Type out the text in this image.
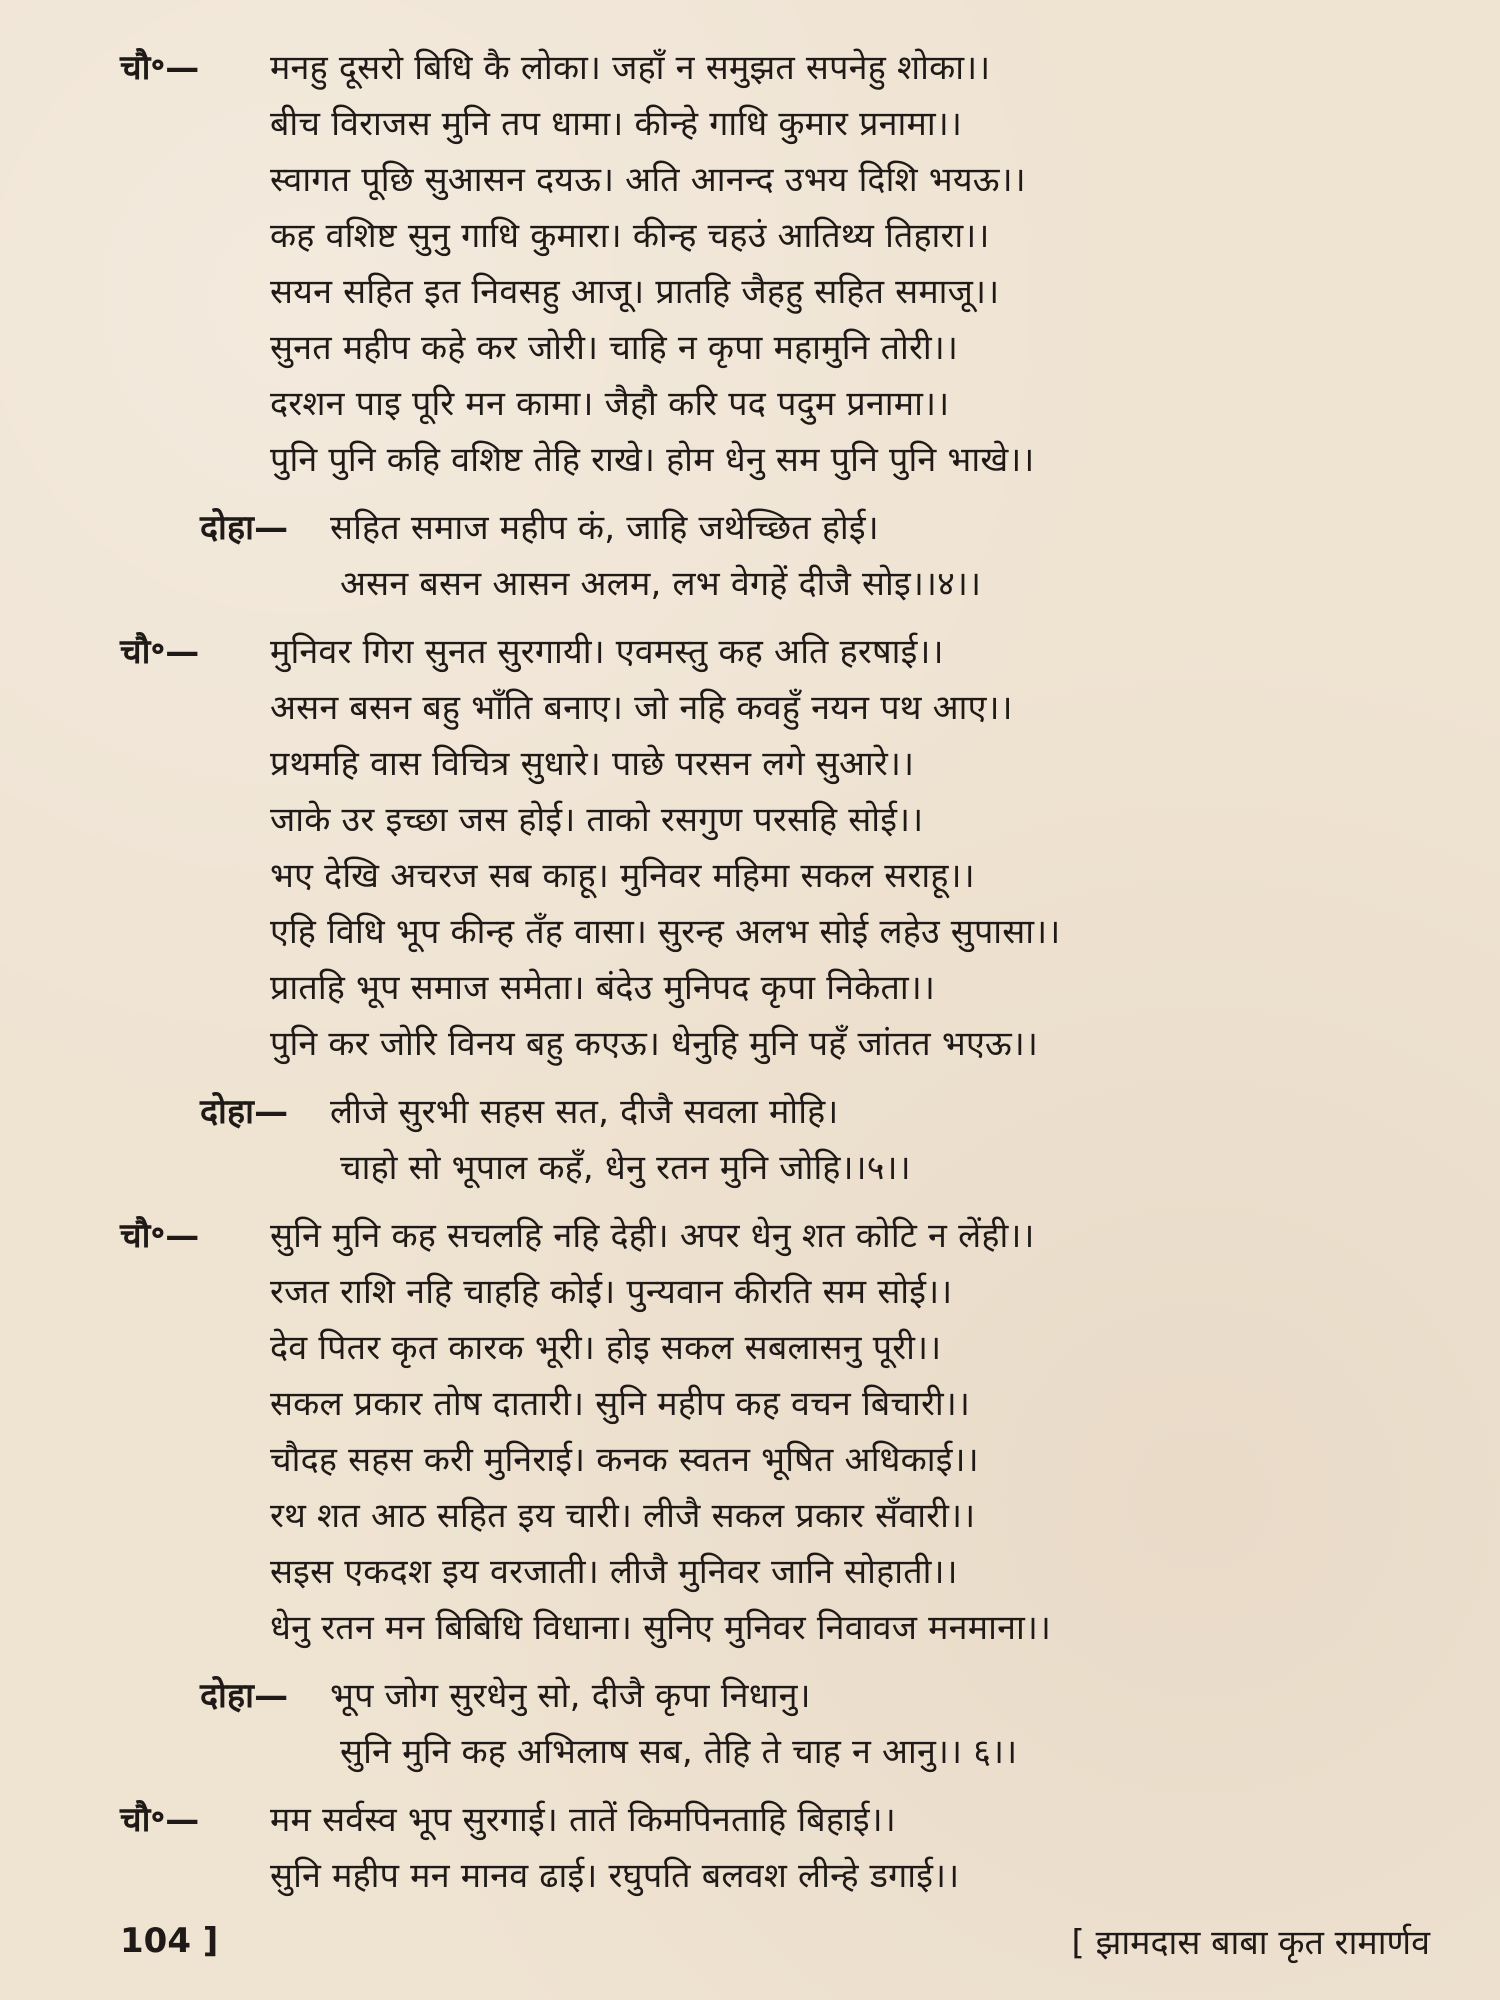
चौ॰—	मनहु दूसरो बिधि कै लोका। जहाँ न समुझत सपनेहु शोका।।
बीच विराजस मुनि तप धामा। कीन्हे गाधि कुमार प्रनामा।।
स्वागत पूछि सुआसन दयऊ। अति आनन्द उभय दिशि भयऊ।।
कह वशिष्ट सुनु गाधि कुमारा। कीन्ह चहउं आतिथ्य तिहारा।।
सयन सहित इत निवसहु आजू। प्रातहि जैहहु सहित समाजू।।
सुनत महीप कहे कर जोरी। चाहि न कृपा महामुनि तोरी।।
दरशन पाइ पूरि मन कामा। जैहौ करि पद पदुम प्रनामा।।
पुनि पुनि कहि वशिष्ट तेहि राखे। होम धेनु सम पुनि पुनि भाखे।।
दोहा—	सहित समाज महीप कं, जाहि जथेच्छित होई।
असन बसन आसन अलम, लभ वेगहें दीजै सोइ।।४।।
चौ॰—	मुनिवर गिरा सुनत सुरगायी। एवमस्तु कह अति हरषाई।।
असन बसन बहु भाँति बनाए। जो नहि कवहुँ नयन पथ आए।।
प्रथमहि वास विचित्र सुधारे। पाछे परसन लगे सुआरे।।
जाके उर इच्छा जस होई। ताको रसगुण परसहि सोई।।
भए देखि अचरज सब काहू। मुनिवर महिमा सकल सराहू।।
एहि विधि भूप कीन्ह तँह वासा। सुरन्ह अलभ सोई लहेउ सुपासा।।
प्रातहि भूप समाज समेता। बंदेउ मुनिपद कृपा निकेता।।
पुनि कर जोरि विनय बहु कएऊ। धेनुहि मुनि पहँ जांतत भएऊ।।
दोहा—	लीजे सुरभी सहस सत, दीजै सवला मोहि।
चाहो सो भूपाल कहँ, धेनु रतन मुनि जोहि।।५।।
चौ॰—	सुनि मुनि कह सचलहि नहि देही। अपर धेनु शत कोटि न लेंही।।
रजत राशि नहि चाहहि कोई। पुन्यवान कीरति सम सोई।।
देव पितर कृत कारक भूरी। होइ सकल सबलासनु पूरी।।
सकल प्रकार तोष दातारी। सुनि महीप कह वचन बिचारी।।
चौदह सहस करी मुनिराई। कनक स्वतन भूषित अधिकाई।।
रथ शत आठ सहित इय चारी। लीजै सकल प्रकार सँवारी।।
सइस एकदश इय वरजाती। लीजै मुनिवर जानि सोहाती।।
धेनु रतन मन बिबिधि विधाना। सुनिए मुनिवर निवावज मनमाना।।
दोहा—	भूप जोग सुरधेनु सो, दीजै कृपा निधानु।
सुनि मुनि कह अभिलाष सब, तेहि ते चाह न आनु।। ६।।
चौ॰—	मम सर्वस्व भूप सुरगाई। तातें किमपिनताहि बिहाई।।
सुनि महीप मन मानव ढाई। रघुपति बलवश लीन्हे डगाई।।
104 ]	[ झामदास बाबा कृत रामार्णव
